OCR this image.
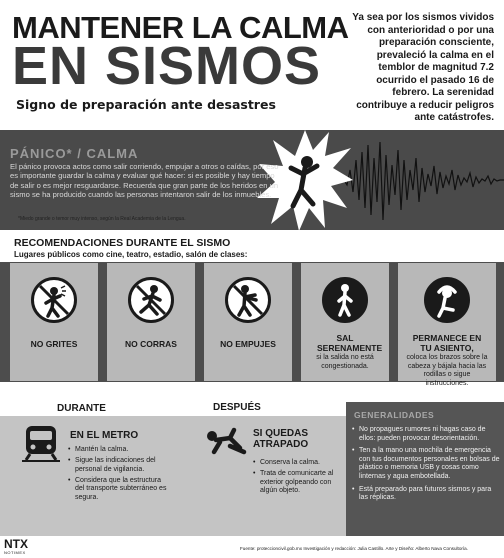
MANTENER LA CALMA
EN SISMOS
Signo de preparación ante desastres
Ya sea por los sismos vividos con anterioridad o por una preparación consciente, prevaleció la calma en el temblor de magnitud 7.2 ocurrido el pasado 16 de febrero. La serenidad contribuye a reducir peligros ante catástrofes.
PÁNICO* / CALMA
El pánico provoca actos como salir corriendo, empujar a otros o caídas, por eso es importante guardar la calma y evaluar qué hacer: si es posible y hay tiempo de salir o es mejor resguardarse. Recuerda que gran parte de los heridos en un sismo se ha producido cuando las personas intentaron salir de los inmuebles.
*Miedo grande o temor muy intenso, según la Real Academia de la Lengua.
RECOMENDACIONES DURANTE EL SISMO
Lugares públicos como cine, teatro, estadio, salón de clases:
NO GRITES	NO CORRAS	NO EMPUJES
SAL SERENAMENTE
si la salida no está congestionada.
PERMANECE EN TU ASIENTO,
coloca los brazos sobre la cabeza y bájala hacia las rodillas o sigue instrucciones.
DURANTE	DESPUÉS
EN EL METRO
• Mantén la calma.
• Sigue las indicaciones del personal de vigilancia.
• Considera que la estructura del transporte subterráneo es segura.
SI QUEDAS ATRAPADO
• Conserva la calma.
• Trata de comunicarte al exterior golpeando con algún objeto.
GENERALIDADES
• No propagues rumores ni hagas caso de ellos: pueden provocar desorientación.
• Ten a la mano una mochila de emergencia con tus documentos personales en bolsas de plástico o memoria USB y cosas como linternas y agua embotellada.
• Está preparado para futuros sismos y para las réplicas.
NTX
NOTIMEX
Fuente: proteccioncivil.gob.mx Investigación y redacción: Julia Castillo. Arte y Diseño: Alberto Nava Consultoría.
